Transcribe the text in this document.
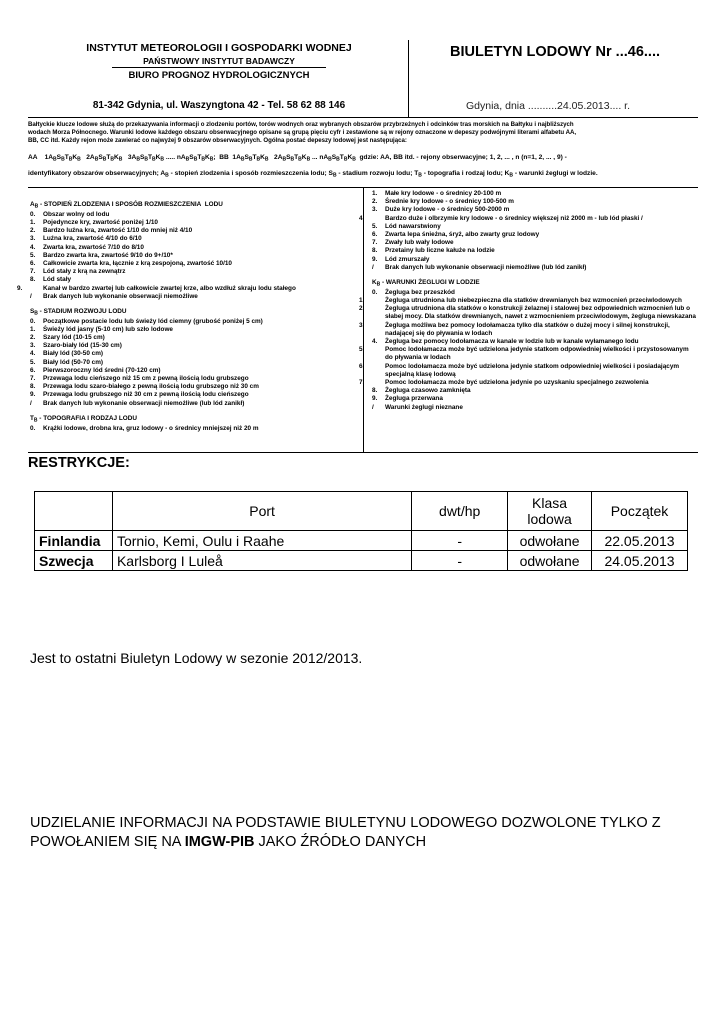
INSTYTUT METEOROLOGII I GOSPODARKI WODNEJ
PAŃSTWOWY INSTYTUT BADAWCZY
BIURO PROGNOZ HYDROLOGICZNYCH
81-342 Gdynia, ul. Waszyngtona 42 - Tel. 58 62 88 146
BIULETYN LODOWY Nr ...46....
Gdynia, dnia ..........24.05.2013.... r.
Bałtyckie klucze lodowe służą do przekazywania informacji o zlodzeniu portów, torów wodnych oraz wybranych obszarów przybrzeżnych i odcinków tras morskich na Bałtyku i najbliższych
wodach Morza Północnego. Warunki lodowe każdego obszaru obserwacyjnego opisane są grupą pięciu cyfr i zestawione są w rejony oznaczone w depeszy podwójnymi literami alfabetu AA,
BB, CC itd. Każdy rejon może zawierać co najwyżej 9 obszarów obserwacyjnych. Ogólna postać depeszy lodowej jest następująca:
AA    $1A_BS_BT_BK_B$   $2A_BS_BT_BK_B$   $3A_BS_BT_BK_B$ ..... $nA_BS_BT_BK_B$;  BB  $1A_BS_BT_BK_B$   $2A_BS_BT_BK_B$ ... $nA_BS_BT_BK_B$ gdzie: AA, BB itd. - rejony obserwacyjne; 1, 2, ... , n (n=1, 2, ... , 9) -
identyfikatory obszarów obserwacyjnych; $A_B$ - stopień zlodzenia i sposób rozmieszczenia lodu; $S_B$ - stadium rozwoju lodu; $T_B$ - topografia i rodzaj lodu; $K_B$ - warunki żeglugi w lodzie.
$A_B$ - STOPIEŃ ZLODZENIA I SPOSÓB ROZMIESZCZENIA  LODU
0. Obszar wolny od lodu
1. Pojedyncze kry, zwartość poniżej 1/10
2. Bardzo luźna kra, zwartość 1/10 do mniej niż 4/10
3. Luźna kra, zwartość 4/10 do 6/10
4. Zwarta kra, zwartość 7/10 do 8/10
5. Bardzo zwarta kra, zwartość 9/10 do 9+/10*
6. Całkowicie zwarta kra, łącznie z krą zespojoną, zwartość 10/10
7. Lód stały z krą na zewnątrz
8. Lód stały
9.	Kanał w bardzo zwartej lub całkowicie zwartej krze, albo wzdłuż skraju lodu stałego
/ Brak danych lub wykonanie obserwacji niemożliwe
$S_B$ - STADIUM ROZWOJU LODU
0. Początkowe postacie lodu lub świeży lód ciemny (grubość poniżej 5 cm)
1. Świeży lód jasny (5-10 cm) lub szło lodowe
2. Szary lód (10-15 cm)
3. Szaro-biały lód (15-30 cm)
4. Biały lód (30-50 cm)
5. Biały lód (50-70 cm)
6. Pierwszoroczny lód średni (70-120 cm)
7. Przewaga lodu cieńszego niż 15 cm z pewną ilością lodu grubszego
8. Przewaga lodu szaro-białego z pewną ilością lodu grubszego niż 30 cm
9. Przewaga lodu grubszego niż 30 cm z pewną ilością lodu cieńszego
/ Brak danych lub wykonanie obserwacji niemożliwe (lub lód zanikł)
$T_B$ - TOPOGRAFIA I RODZAJ LODU
0. Krążki lodowe, drobna kra, gruz lodowy - o średnicy mniejszej niż 20 m
1. Małe kry lodowe - o średnicy 20-100 m
2. Średnie kry lodowe - o średnicy 100-500 m
3. Duże kry lodowe - o średnicy 500-2000 m
4.	Bardzo duże i olbrzymie kry lodowe - o średnicy większej niż 2000 m - lub lód płaski /
5. Lód nawarstwiony
6. Zwarta lepa śnieżna, śryż, albo zwarty gruz lodowy
7. Zwały lub wały lodowe
8. Przetainy lub liczne kałuże na lodzie
9. Lód zmurszały
/ Brak danych lub wykonanie obserwacji niemożliwe (lub lód zanikł)
$K_B$ - WARUNKI ŻEGLUGI W LODZIE
0. Żegluga bez przeszkód
1.	Żegluga utrudniona lub niebezpieczna dla statków drewnianych bez wzmocnień przeciwlodowych
2.	Żegluga utrudniona dla statków o konstrukcji żelaznej i stalowej bez odpowiednich wzmocnień lub o słabej mocy. Dla statków drewnianych, nawet z wzmocnieniem przeciwlodowym, żegluga niewskazana
3.	Żegluga możliwa bez pomocy lodołamacza tylko dla statków o dużej mocy i silnej konstrukcji, nadającej się do pływania w lodach
4. Żegluga bez pomocy lodołamacza w kanale w lodzie lub w kanale wyłamanego lodu
5.	Pomoc lodołamacza może być udzielona jedynie statkom odpowiedniej wielkości i przystosowanym do pływania w lodach
6.	Pomoc lodołamacza może być udzielona jedynie statkom odpowiedniej wielkości i posiadającym specjalną klasę lodową
7.	Pomoc lodołamacza może być udzielona jedynie po uzyskaniu specjalnego zezwolenia
8. Żegluga czasowo zamknięta
9. Żegluga przerwana
/ Warunki żeglugi nieznane
RESTRYKCJE:
	Port	dwt/hp	Klasa lodowa	Początek
Finlandia	Tornio, Kemi, Oulu i Raahe	-	odwołane	22.05.2013
Szwecja	Karlsborg I Luleå	-	odwołane	24.05.2013
Jest to ostatni Biuletyn Lodowy w sezonie 2012/2013.
UDZIELANIE INFORMACJI NA PODSTAWIE BIULETYNU LODOWEGO DOZWOLONE TYLKO Z
POWOŁANIEM SIĘ NA IMGW-PIB JAKO ŹRÓDŁO DANYCH
